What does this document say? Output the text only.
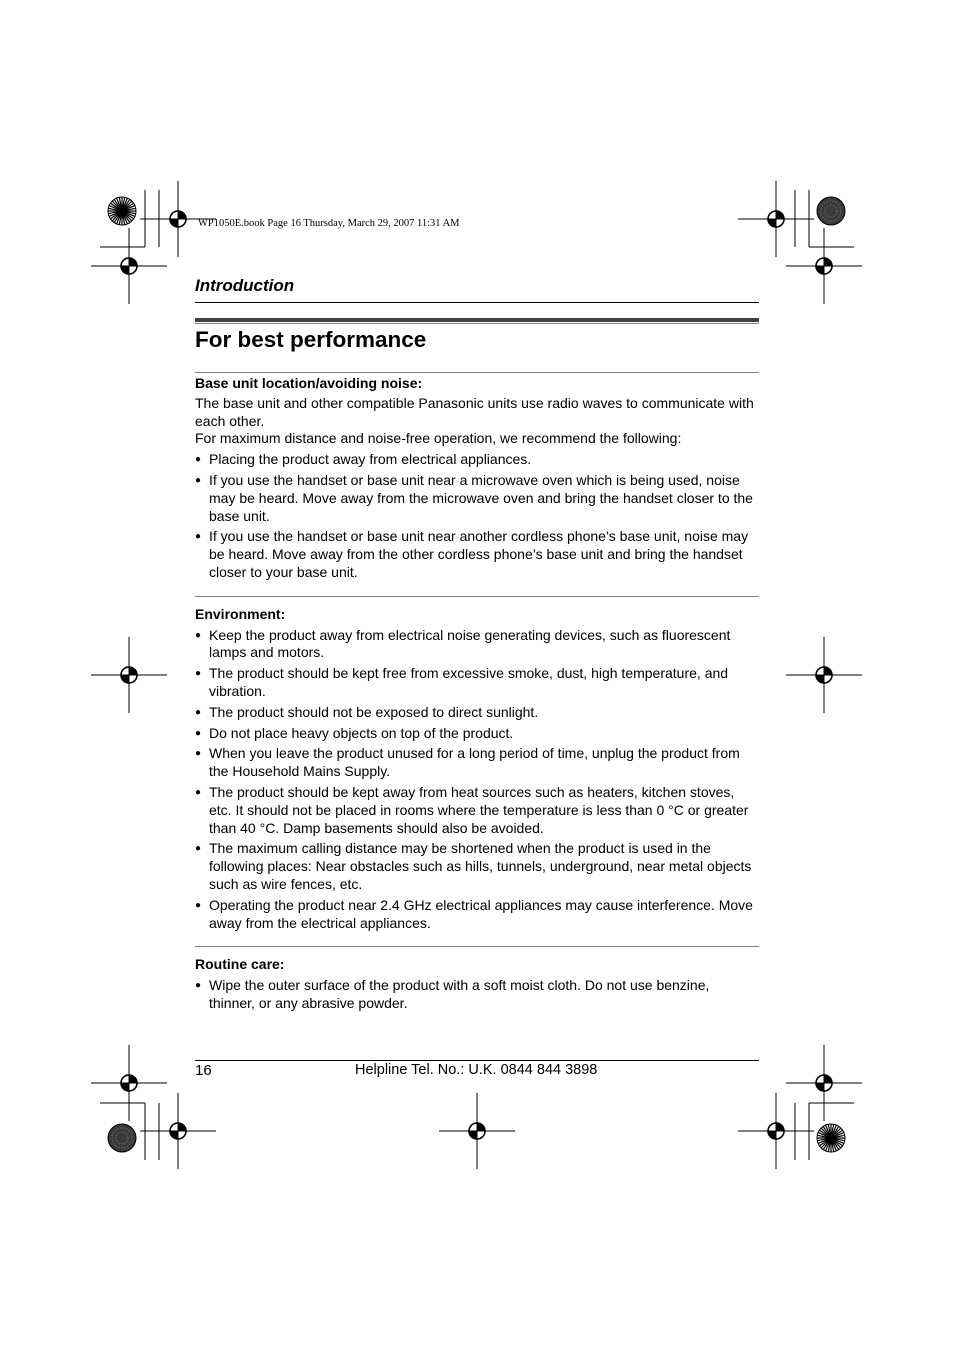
WP1050E.book Page 16 Thursday, March 29, 2007 11:31 AM
Introduction
For best performance
Base unit location/avoiding noise:

The base unit and other compatible Panasonic units use radio waves to communicate with each other.

For maximum distance and noise-free operation, we recommend the following:

● Placing the product away from electrical appliances.
● If you use the handset or base unit near a microwave oven which is being used, noise may be heard. Move away from the microwave oven and bring the handset closer to the base unit.
● If you use the handset or base unit near another cordless phone’s base unit, noise may be heard. Move away from the other cordless phone’s base unit and bring the handset closer to your base unit.
Environment:
● Keep the product away from electrical noise generating devices, such as fluorescent lamps and motors.
● The product should be kept free from excessive smoke, dust, high temperature, and vibration.
● The product should not be exposed to direct sunlight.
● Do not place heavy objects on top of the product.
● When you leave the product unused for a long period of time, unplug the product from the Household Mains Supply.
● The product should be kept away from heat sources such as heaters, kitchen stoves, etc. It should not be placed in rooms where the temperature is less than 0 °C or greater than 40 °C. Damp basements should also be avoided.
● The maximum calling distance may be shortened when the product is used in the following places: Near obstacles such as hills, tunnels, underground, near metal objects such as wire fences, etc.
● Operating the product near 2.4 GHz electrical appliances may cause interference. Move away from the electrical appliances.
Routine care:
● Wipe the outer surface of the product with a soft moist cloth. Do not use benzine, thinner, or any abrasive powder.
16	Helpline Tel. No.: U.K. 0844 844 3898
